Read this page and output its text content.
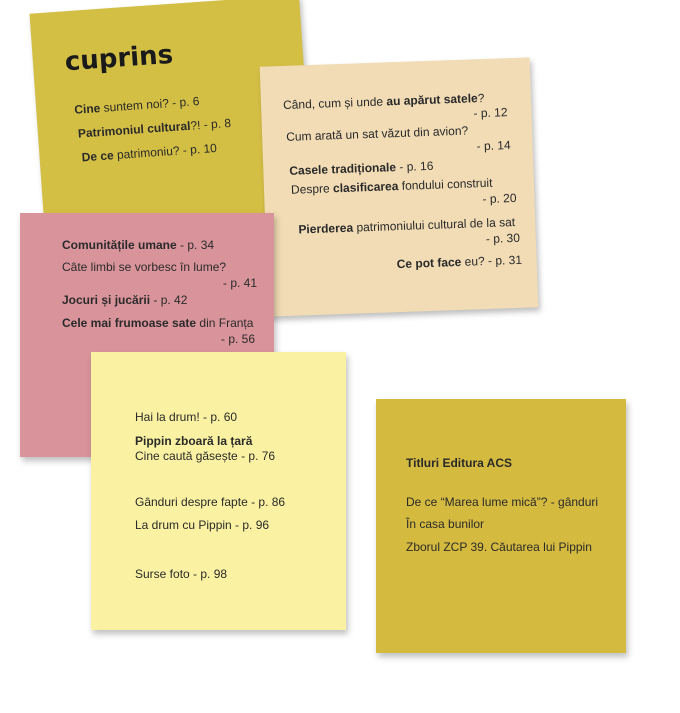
cuprins
Cine suntem noi? - p. 6
Patrimoniul cultural?! - p. 8
De ce patrimoniu? - p. 10
Când, cum și unde au apărut satele?
- p. 12
Cum arată un sat văzut din avion?
- p. 14
Casele tradiționale - p. 16
Despre clasificarea fondului construit
- p. 20
Pierderea patrimoniului cultural de la sat
- p. 30
Ce pot face eu? - p. 31
Comunitățile umane - p. 34
Câte limbi se vorbesc în lume?
- p. 41
Jocuri și jucării - p. 42
Cele mai frumoase sate din Franța
- p. 56
Hai la drum! - p. 60
Pippin zboară la țară
Cine caută găsește - p. 76
Gânduri despre fapte - p. 86
La drum cu Pippin - p. 96
Surse foto - p. 98
Titluri Editura ACS
De ce “Marea lume mică”? - gânduri
În casa bunilor
Zborul ZCP 39. Căutarea lui Pippin
